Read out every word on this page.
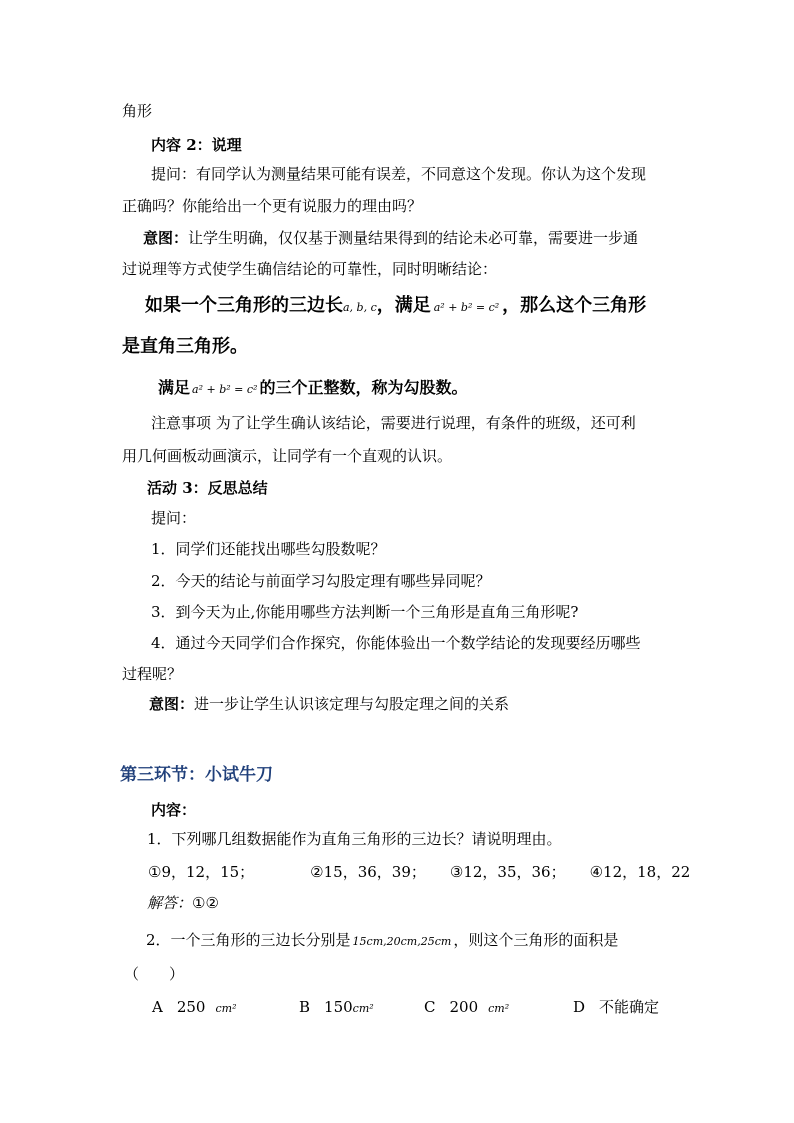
角形
内容 2：说理
提问：有同学认为测量结果可能有误差，不同意这个发现。你认为这个发现
正确吗？你能给出一个更有说服力的理由吗？
意图：让学生明确，仅仅基于测量结果得到的结论未必可靠，需要进一步通
过说理等方式使学生确信结论的可靠性，同时明晰结论：
如果一个三角形的三边长a, b, c，满足 a² + b² = c² ，那么这个三角形
是直角三角形。
满足 a² + b² = c² 的三个正整数，称为勾股数。
注意事项 为了让学生确认该结论，需要进行说理，有条件的班级，还可利
用几何画板动画演示，让同学有一个直观的认识。
活动 3：反思总结
提问：
1．同学们还能找出哪些勾股数呢？
2．今天的结论与前面学习勾股定理有哪些异同呢？
3．到今天为止,你能用哪些方法判断一个三角形是直角三角形呢?
4．通过今天同学们合作探究，你能体验出一个数学结论的发现要经历哪些
过程呢？
意图：进一步让学生认识该定理与勾股定理之间的关系
第三环节：小试牛刀
内容：
1．下列哪几组数据能作为直角三角形的三边长？请说明理由。
①9，12，15；	②15，36，39； ③12，35，36； ④12，18，22
解答：①②
2．一个三角形的三边长分别是 15cm,20cm,25cm ，则这个三角形的面积是
（　　）
A 250 cm²	B 150cm²	C 200 cm²	D 不能确定
